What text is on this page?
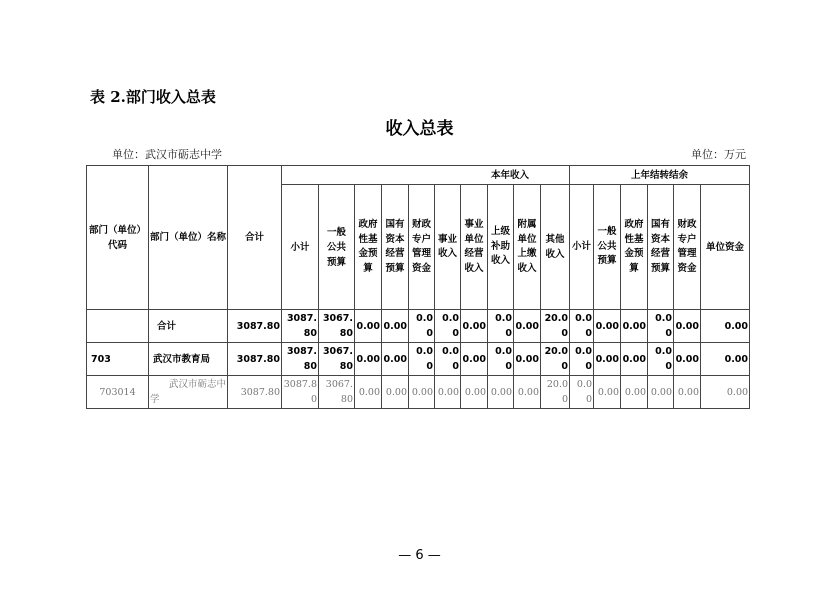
表 2.部门收入总表
收入总表
单位：武汉市砺志中学	单位：万元
部门（单位）代码	部门（单位）名称	合计	本年收入										上年结转结余					
			小计	一般公共预算	政府性基金预算	国有资本经营预算	财政专户管理资金	事业收入	事业单位经营收入	上级补助收入	附属单位上缴收入	其他收入	小计	一般公共预算	政府性基金预算	国有资本经营预算	财政专户管理资金	单位资金
	合计	3087.80	3087.80	3067.80	0.00	0.00	0.00	0.00	0.00	0.00	0.00	20.00	0.00	0.00	0.00	0.00	0.00	0.00
703	武汉市教育局	3087.80	3087.80	3067.80	0.00	0.00	0.00	0.00	0.00	0.00	0.00	20.00	0.00	0.00	0.00	0.00	0.00	0.00
703014	武汉市砺志中学	3087.80	3087.80	3067.80	0.00	0.00	0.00	0.00	0.00	0.00	0.00	20.00	0.00	0.00	0.00	0.00	0.00	0.00
— 6 —
